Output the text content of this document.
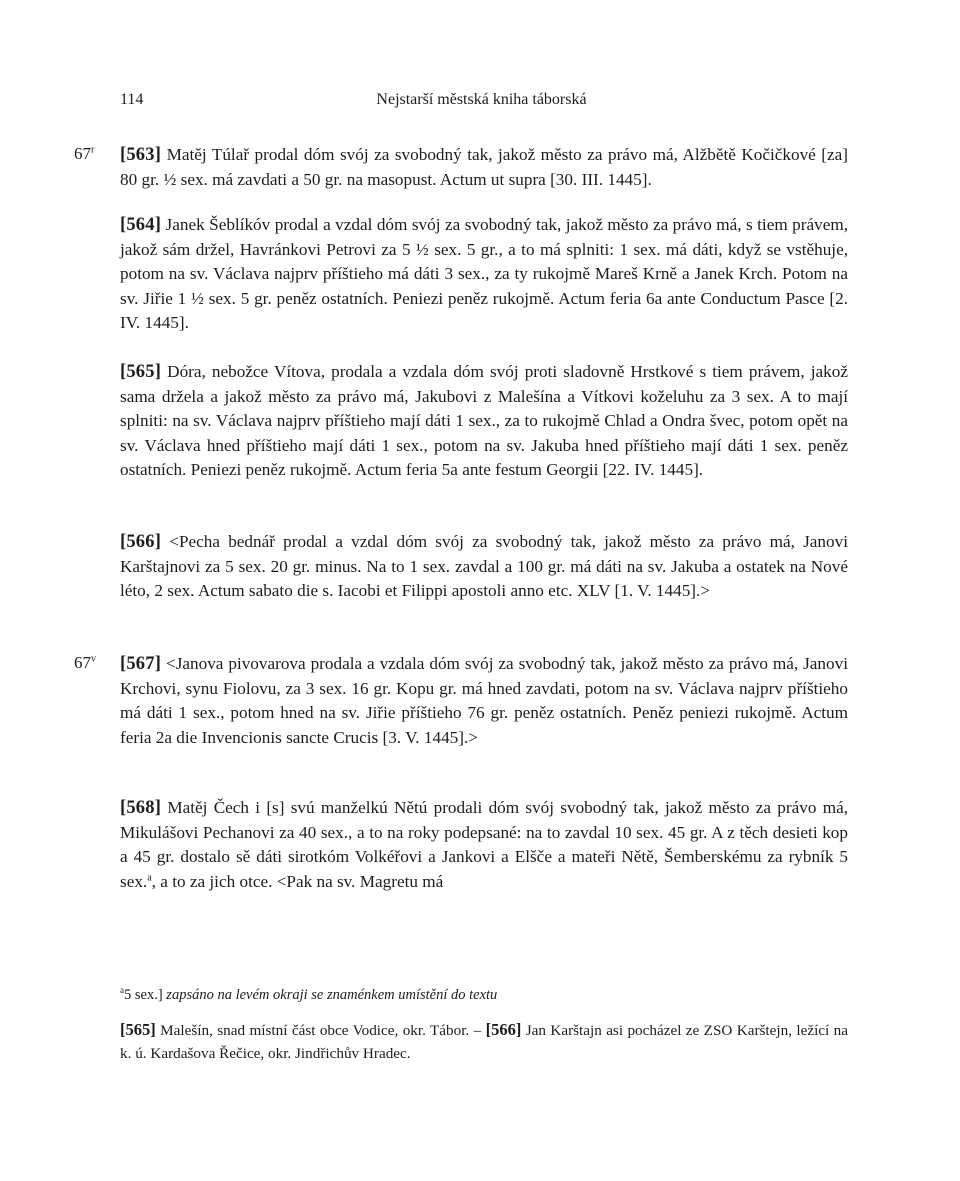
114	Nejstarší městská kniha táborská
67$^r$ [563] Matěj Túlař prodal dóm svój za svobodný tak, jakož město za právo má, Alžbětě Kočičkové [za] 80 gr. ½ sex. má zavdati a 50 gr. na masopust. Actum ut supra [30. III. 1445].
[564] Janek Šeblíkóv prodal a vzdal dóm svój za svobodný tak, jakož město za právo má, s tiem právem, jakož sám držel, Havránkovi Petrovi za 5 ½ sex. 5 gr., a to má splniti: 1 sex. má dáti, když se vstěhuje, potom na sv. Václava najprv příštieho má dáti 3 sex., za ty rukojmě Mareš Krně a Janek Krch. Potom na sv. Jiřie 1 ½ sex. 5 gr. peněz ostatních. Peniezi peněz rukojmě. Actum feria 6a ante Conductum Pasce [2. IV. 1445].
[565] Dóra, nebožce Vítova, prodala a vzdala dóm svój proti sladovně Hrstkové s tiem právem, jakož sama držela a jakož město za právo má, Jakubovi z Malešína a Vítkovi koželuhu za 3 sex. A to mají splniti: na sv. Václava najprv příštieho mají dáti 1 sex., za to rukojmě Chlad a Ondra švec, potom opět na sv. Václava hned příštieho mají dáti 1 sex., potom na sv. Jakuba hned příštieho mají dáti 1 sex. peněz ostatních. Peniezi peněz rukojmě. Actum feria 5a ante festum Georgii [22. IV. 1445].
[566] <Pecha bednář prodal a vzdal dóm svój za svobodný tak, jakož město za právo má, Janovi Karštajnovi za 5 sex. 20 gr. minus. Na to 1 sex. zavdal a 100 gr. má dáti na sv. Jakuba a ostatek na Nové léto, 2 sex. Actum sabato die s. Iacobi et Filippi apostoli anno etc. XLV [1. V. 1445].>
$67^v$ [567] <Janova pivovarova prodala a vzdala dóm svój za svobodný tak, jakož město za právo má, Janovi Krchovi, synu Fiolovu, za 3 sex. 16 gr. Kopu gr. má hned zavdati, potom na sv. Václava najprv příštieho má dáti 1 sex., potom hned na sv. Jiřie příštieho 76 gr. peněz ostatních. Peněz peniezi rukojmě. Actum feria 2a die Invencionis sancte Crucis [3. V. 1445].>
[568] Matěj Čech i [s] svú manželkú Nětú prodali dóm svój svobodný tak, jakož město za právo má, Mikulášovi Pechanovi za 40 sex., a to na roky podepsané: na to zavdal 10 sex. 45 gr. A z těch desieti kop a 45 gr. dostalo sě dáti sirotkóm Volkéřovi a Jankovi a Elšče a mateři Nětě, Šemberskému za rybník 5 sex.$^a$, a to za jich otce. <Pak na sv. Magretu má
$^a$5 sex.] zapsáno na levém okraji se znaménkem umístění do textu
[565] Malešín, snad místní část obce Vodice, okr. Tábor. – [566] Jan Karštajn asi pocházel ze ZSO Karštejn, ležící na k. ú. Kardašova Řečice, okr. Jindřichův Hradec.
